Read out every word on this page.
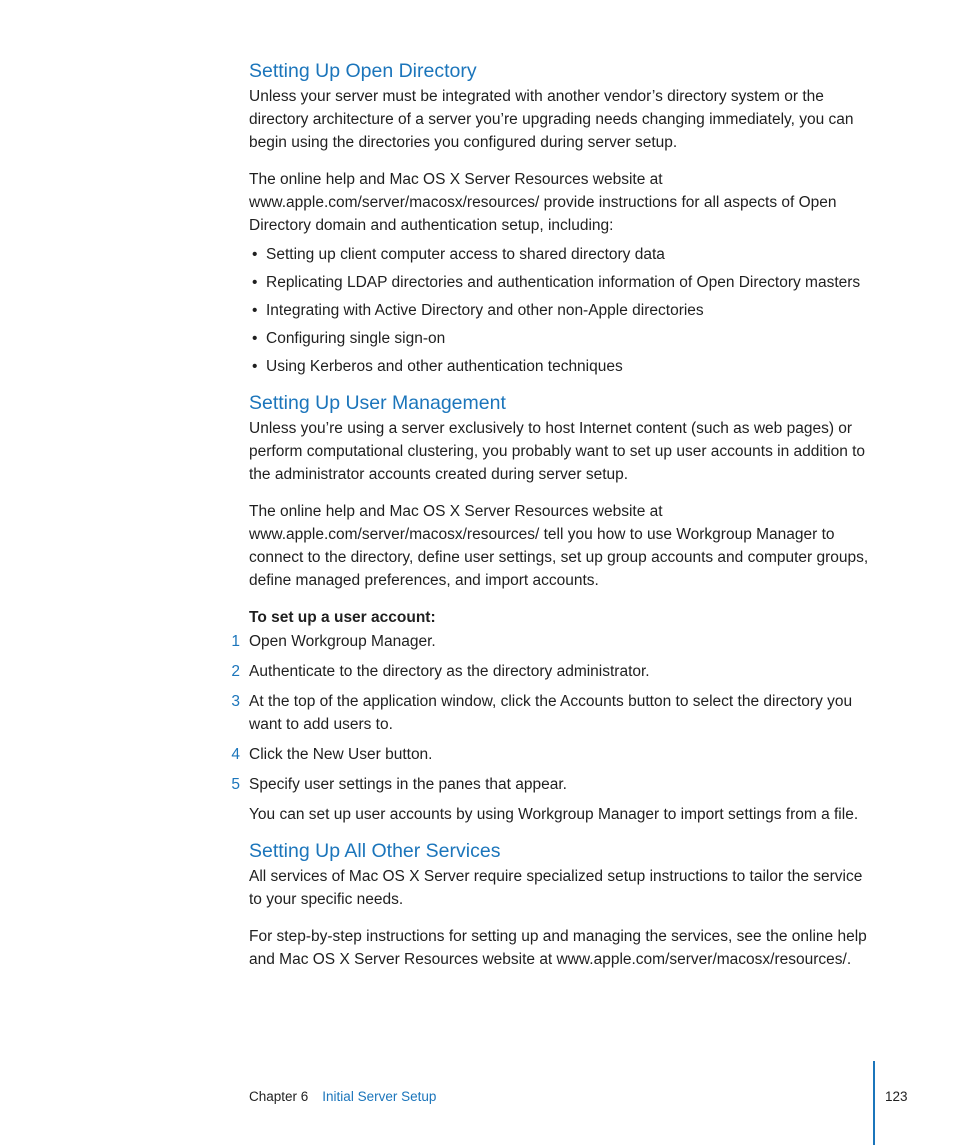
Setting Up Open Directory

Unless your server must be integrated with another vendor’s directory system or the directory architecture of a server you’re upgrading needs changing immediately, you can begin using the directories you configured during server setup.

The online help and Mac OS X Server Resources website at www.apple.com/server/macosx/resources/ provide instructions for all aspects of Open Directory domain and authentication setup, including:

• Setting up client computer access to shared directory data
• Replicating LDAP directories and authentication information of Open Directory masters
• Integrating with Active Directory and other non-Apple directories
• Configuring single sign-on
• Using Kerberos and other authentication techniques
Setting Up User Management

Unless you’re using a server exclusively to host Internet content (such as web pages) or perform computational clustering, you probably want to set up user accounts in addition to the administrator accounts created during server setup.

The online help and Mac OS X Server Resources website at www.apple.com/server/macosx/resources/ tell you how to use Workgroup Manager to connect to the directory, define user settings, set up group accounts and computer groups, define managed preferences, and import accounts.

To set up a user account:
1 Open Workgroup Manager.
2 Authenticate to the directory as the directory administrator.
3 At the top of the application window, click the Accounts button to select the directory you want to add users to.
4 Click the New User button.
5 Specify user settings in the panes that appear.

You can set up user accounts by using Workgroup Manager to import settings from a file.

Setting Up All Other Services

All services of Mac OS X Server require specialized setup instructions to tailor the service to your specific needs.

For step-by-step instructions for setting up and managing the services, see the online help and Mac OS X Server Resources website at www.apple.com/server/macosx/resources/.

Chapter 6 Initial Server Setup	123
